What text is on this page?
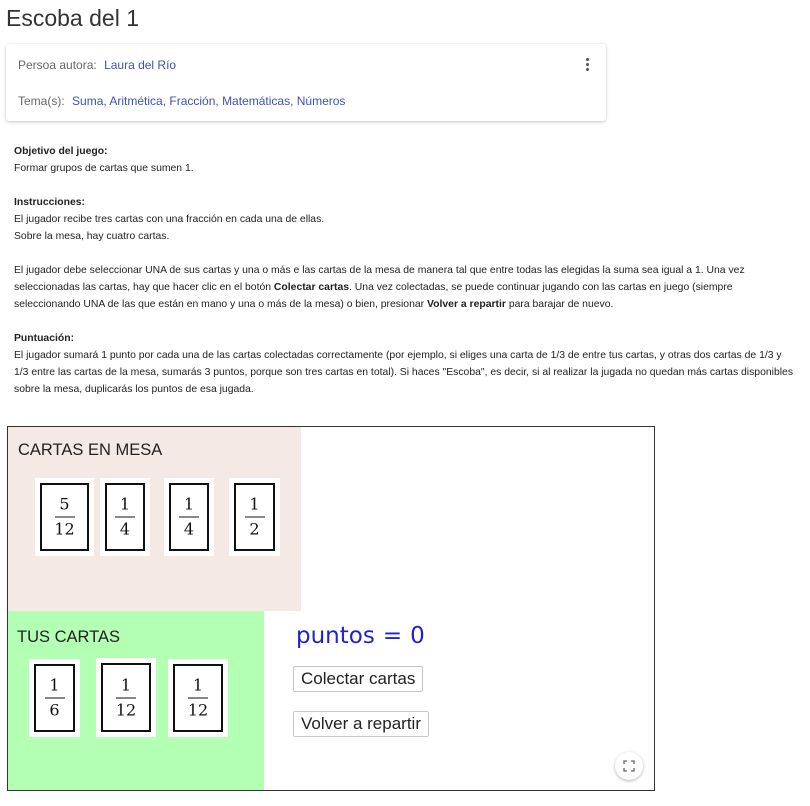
Escoba del 1
Persoa autora: Laura del Río
Tema(s): Suma, Aritmética, Fracción, Matemáticas, Números

Objetivo del juego:

Formar grupos de cartas que sumen 1.

Instrucciones:

El jugador recibe tres cartas con una fracción en cada una de ellas.

Sobre la mesa, hay cuatro cartas.

El jugador debe seleccionar UNA de sus cartas y una o más e las cartas de la mesa de manera tal que entre todas las elegidas la suma sea igual a 1. Una vez seleccionadas las cartas, hay que hacer clic en el botón Colectar cartas. Una vez colectadas, se puede continuar jugando con las cartas en juego (siempre seleccionando UNA de las que están en mano y una o más de la mesa) o bien, presionar Volver a repartir para barajar de nuevo.

Puntuación:

El jugador sumará 1 punto por cada una de las cartas colectadas correctamente (por ejemplo, si eliges una carta de 1/3 de entre tus cartas, y otras dos cartas de 1/3 y 1/3 entre las cartas de la mesa, sumarás 3 puntos, porque son tres cartas en total). Si haces "Escoba", es decir, si al realizar la jugada no quedan más cartas disponibles sobre la mesa, duplicarás los puntos de esa jugada.

CARTAS EN MESA
5
12
1
4
1
4
1
2
TUS CARTAS
1
6
1
12
1
12
puntos = 0
Colectar cartas
Volver a repartir
